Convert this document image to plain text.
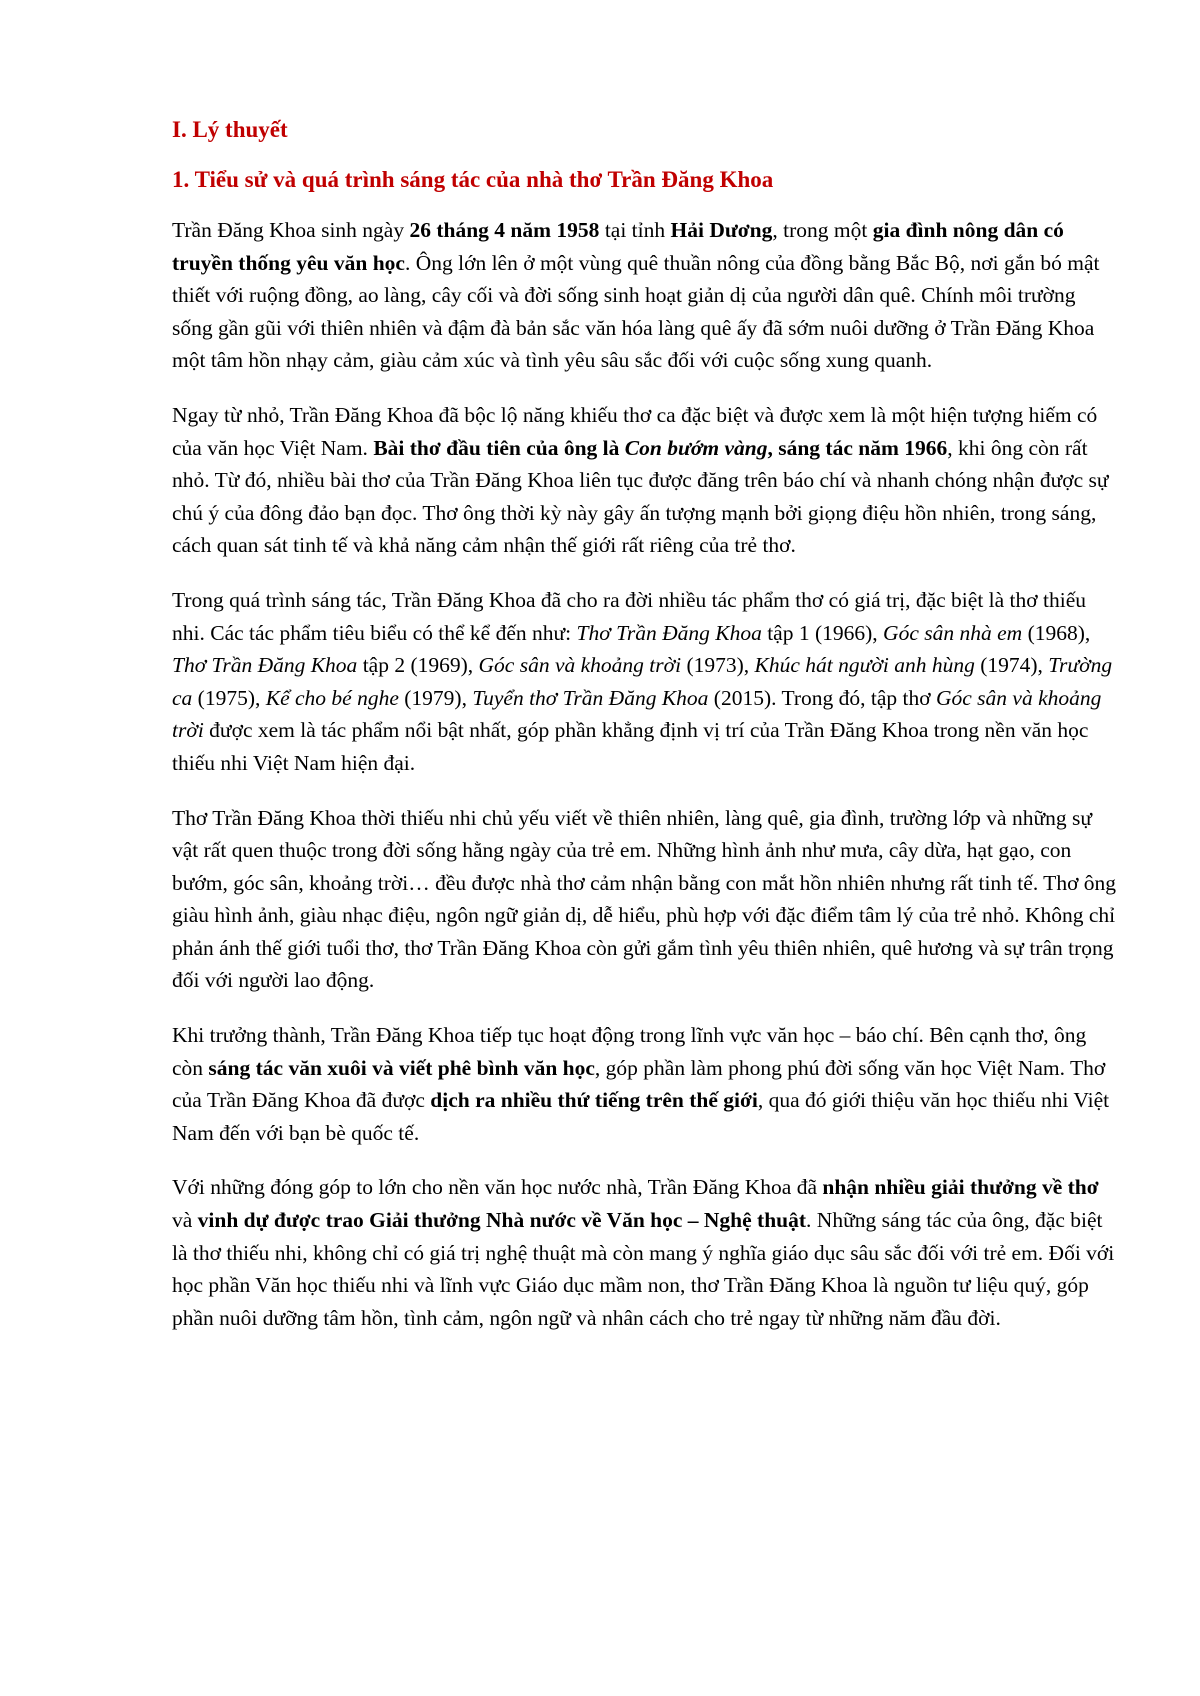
I. Lý thuyết
1. Tiểu sử và quá trình sáng tác của nhà thơ Trần Đăng Khoa

Trần Đăng Khoa sinh ngày 26 tháng 4 năm 1958 tại tỉnh Hải Dương, trong một gia đình nông dân có truyền thống yêu văn học. Ông lớn lên ở một vùng quê thuần nông của đồng bằng Bắc Bộ, nơi gắn bó mật thiết với ruộng đồng, ao làng, cây cối và đời sống sinh hoạt giản dị của người dân quê. Chính môi trường sống gần gũi với thiên nhiên và đậm đà bản sắc văn hóa làng quê ấy đã sớm nuôi dưỡng ở Trần Đăng Khoa một tâm hồn nhạy cảm, giàu cảm xúc và tình yêu sâu sắc đối với cuộc sống xung quanh.

Ngay từ nhỏ, Trần Đăng Khoa đã bộc lộ năng khiếu thơ ca đặc biệt và được xem là một hiện tượng hiếm có của văn học Việt Nam. Bài thơ đầu tiên của ông là Con bướm vàng, sáng tác năm 1966, khi ông còn rất nhỏ. Từ đó, nhiều bài thơ của Trần Đăng Khoa liên tục được đăng trên báo chí và nhanh chóng nhận được sự chú ý của đông đảo bạn đọc. Thơ ông thời kỳ này gây ấn tượng mạnh bởi giọng điệu hồn nhiên, trong sáng, cách quan sát tinh tế và khả năng cảm nhận thế giới rất riêng của trẻ thơ.

Trong quá trình sáng tác, Trần Đăng Khoa đã cho ra đời nhiều tác phẩm thơ có giá trị, đặc biệt là thơ thiếu nhi. Các tác phẩm tiêu biểu có thể kể đến như: Thơ Trần Đăng Khoa tập 1 (1966), Góc sân nhà em (1968), Thơ Trần Đăng Khoa tập 2 (1969), Góc sân và khoảng trời (1973), Khúc hát người anh hùng (1974), Trường ca (1975), Kể cho bé nghe (1979), Tuyển thơ Trần Đăng Khoa (2015). Trong đó, tập thơ Góc sân và khoảng trời được xem là tác phẩm nổi bật nhất, góp phần khẳng định vị trí của Trần Đăng Khoa trong nền văn học thiếu nhi Việt Nam hiện đại.

Thơ Trần Đăng Khoa thời thiếu nhi chủ yếu viết về thiên nhiên, làng quê, gia đình, trường lớp và những sự vật rất quen thuộc trong đời sống hằng ngày của trẻ em. Những hình ảnh như mưa, cây dừa, hạt gạo, con bướm, góc sân, khoảng trời… đều được nhà thơ cảm nhận bằng con mắt hồn nhiên nhưng rất tinh tế. Thơ ông giàu hình ảnh, giàu nhạc điệu, ngôn ngữ giản dị, dễ hiểu, phù hợp với đặc điểm tâm lý của trẻ nhỏ. Không chỉ phản ánh thế giới tuổi thơ, thơ Trần Đăng Khoa còn gửi gắm tình yêu thiên nhiên, quê hương và sự trân trọng đối với người lao động.

Khi trưởng thành, Trần Đăng Khoa tiếp tục hoạt động trong lĩnh vực văn học – báo chí. Bên cạnh thơ, ông còn sáng tác văn xuôi và viết phê bình văn học, góp phần làm phong phú đời sống văn học Việt Nam. Thơ của Trần Đăng Khoa đã được dịch ra nhiều thứ tiếng trên thế giới, qua đó giới thiệu văn học thiếu nhi Việt Nam đến với bạn bè quốc tế.

Với những đóng góp to lớn cho nền văn học nước nhà, Trần Đăng Khoa đã nhận nhiều giải thưởng về thơ và vinh dự được trao Giải thưởng Nhà nước về Văn học – Nghệ thuật. Những sáng tác của ông, đặc biệt là thơ thiếu nhi, không chỉ có giá trị nghệ thuật mà còn mang ý nghĩa giáo dục sâu sắc đối với trẻ em. Đối với học phần Văn học thiếu nhi và lĩnh vực Giáo dục mầm non, thơ Trần Đăng Khoa là nguồn tư liệu quý, góp phần nuôi dưỡng tâm hồn, tình cảm, ngôn ngữ và nhân cách cho trẻ ngay từ những năm đầu đời.
